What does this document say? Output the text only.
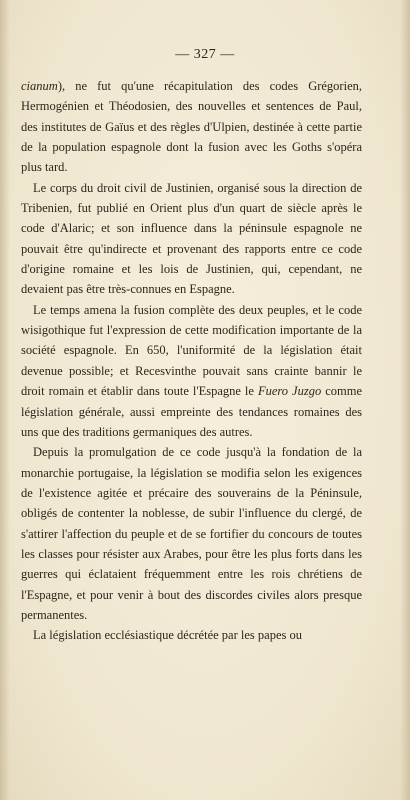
— 327 —

cianum), ne fut qu'une récapitulation des codes Grégorien, Hermogénien et Théodosien, des nouvelles et sentences de Paul, des institutes de Gaïus et des règles d'Ulpien, destinée à cette partie de la population espagnole dont la fusion avec les Goths s'opéra plus tard.

Le corps du droit civil de Justinien, organisé sous la direction de Tribenien, fut publié en Orient plus d'un quart de siècle après le code d'Alaric; et son influence dans la péninsule espagnole ne pouvait être qu'indirecte et provenant des rapports entre ce code d'origine romaine et les lois de Justinien, qui, cependant, ne devaient pas être très-connues en Espagne.

Le temps amena la fusion complète des deux peuples, et le code wisigothique fut l'expression de cette modification importante de la société espagnole. En 650, l'uniformité de la législation était devenue possible; et Recesvinthe pouvait sans crainte bannir le droit romain et établir dans toute l'Espagne le Fuero Juzgo comme législation générale, aussi empreinte des tendances romaines des uns que des traditions germaniques des autres.

Depuis la promulgation de ce code jusqu'à la fondation de la monarchie portugaise, la législation se modifia selon les exigences de l'existence agitée et précaire des souverains de la Péninsule, obligés de contenter la noblesse, de subir l'influence du clergé, de s'attirer l'affection du peuple et de se fortifier du concours de toutes les classes pour résister aux Arabes, pour être les plus forts dans les guerres qui éclataient fréquemment entre les rois chrétiens de l'Espagne, et pour venir à bout des discordes civiles alors presque permanentes.

La législation ecclésiastique décrétée par les papes ou
